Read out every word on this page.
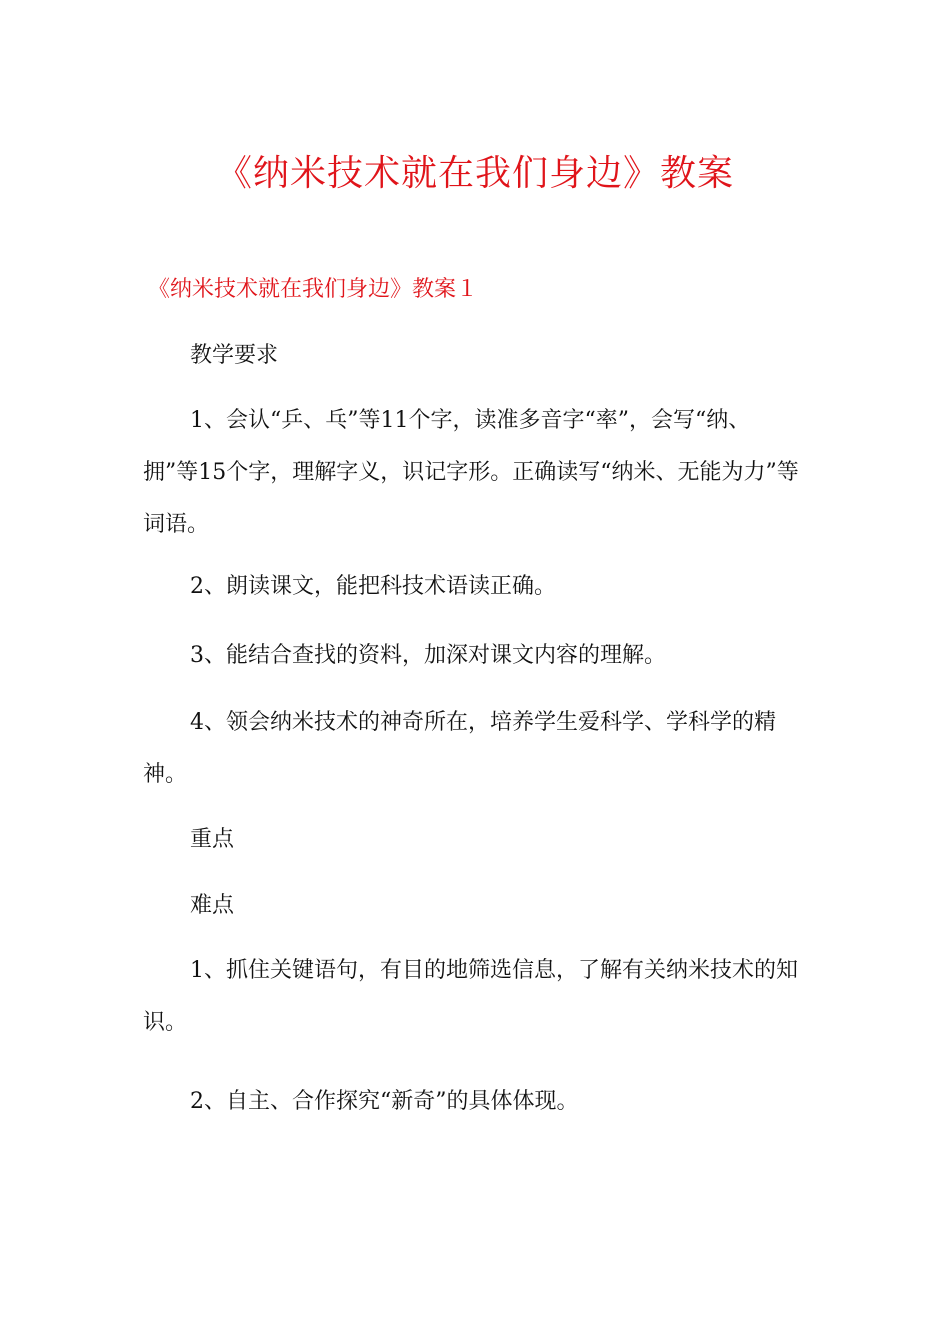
《纳米技术就在我们身边》教案
《纳米技术就在我们身边》教案１

教学要求

1、会认“乒、乓”等11个字，读准多音字“率”，会写“纳、拥”等15个字，理解字义，识记字形。正确读写“纳米、无能为力”等词语。

2、朗读课文，能把科技术语读正确。

3、能结合查找的资料，加深对课文内容的理解。

4、领会纳米技术的神奇所在，培养学生爱科学、学科学的精神。

重点

难点

1、抓住关键语句，有目的地筛选信息，了解有关纳米技术的知识。

2、自主、合作探究“新奇”的具体体现。
